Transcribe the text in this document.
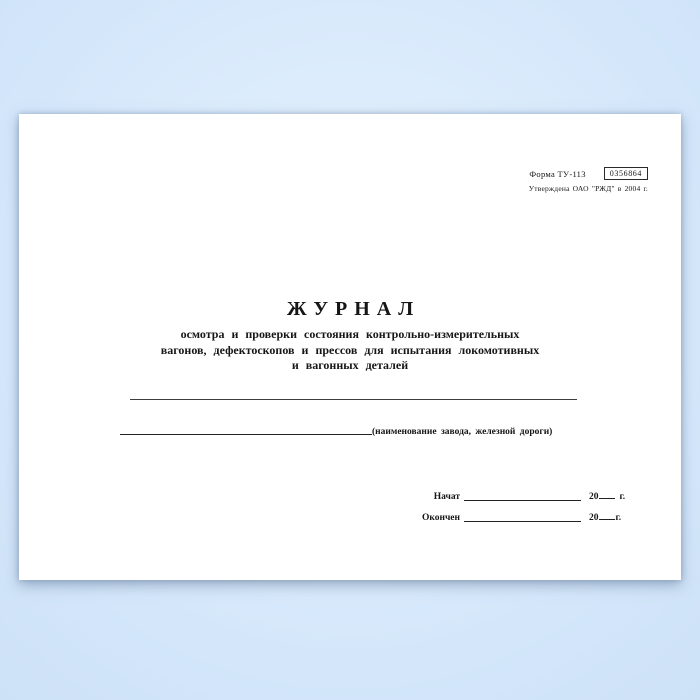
Форма ТУ-113	0356864
Утверждена ОАО "РЖД" в 2004 г.
ЖУРНАЛ
осмотра и проверки состояния контрольно-измерительных
вагонов, дефектоскопов и прессов для испытания локомотивных
и вагонных деталей
(наименование завода, железной дороги)
Начат	20 г.
Окончен	20 г.
